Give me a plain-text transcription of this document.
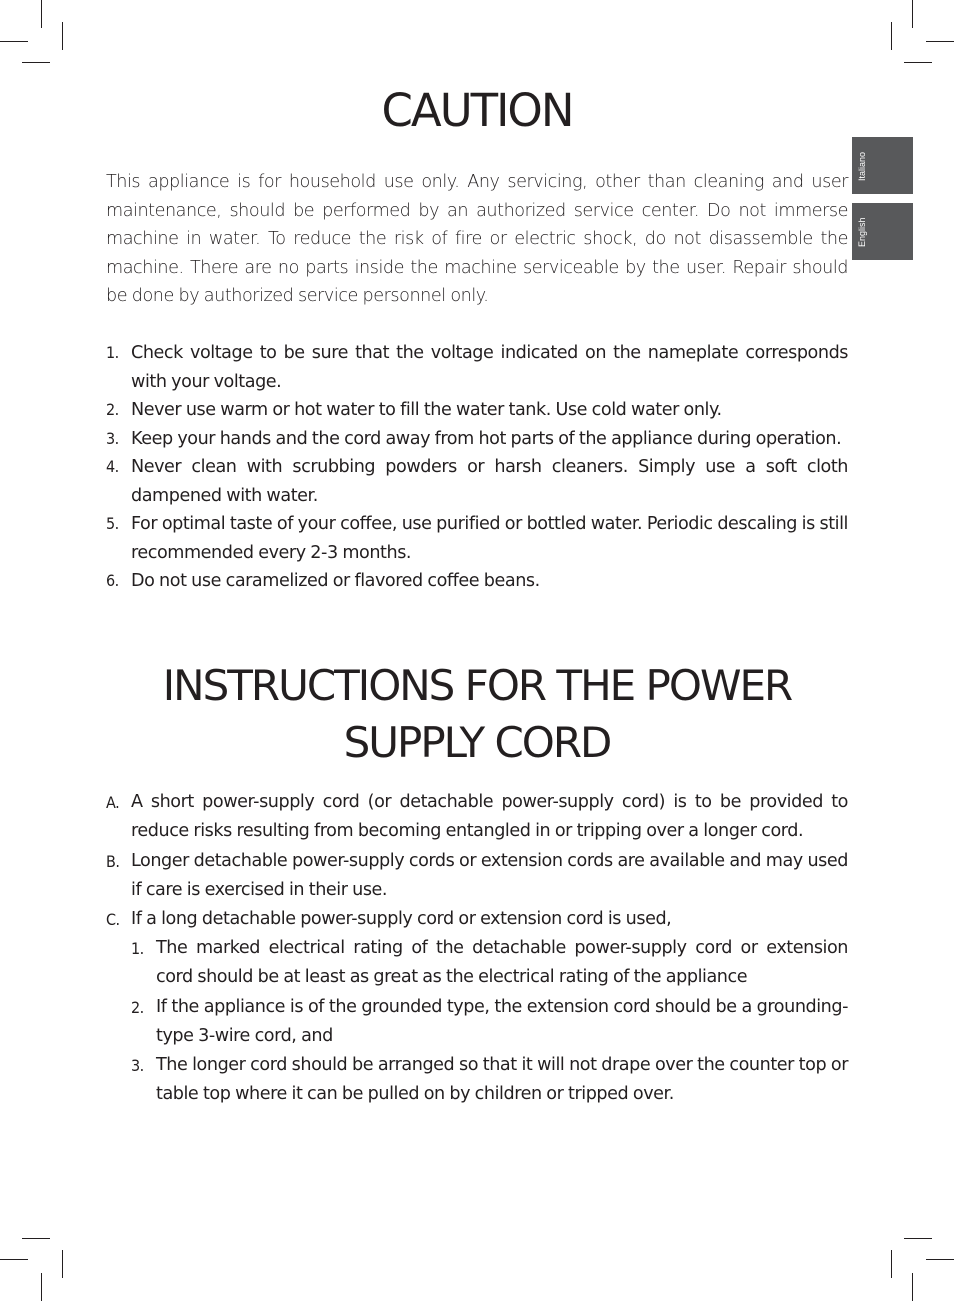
Italiano
English
CAUTION

This appliance is for household use only. Any servicing, other than cleaning and user maintenance, should be performed by an authorized service center. Do not immerse machine in water. To reduce the risk of fire or electric shock, do not disassemble the machine. There are no parts inside the machine serviceable by the user. Repair should be done by authorized service personnel only.

1. Check voltage to be sure that the voltage indicated on the nameplate corresponds with your voltage.
2. Never use warm or hot water to fill the water tank. Use cold water only.
3. Keep your hands and the cord away from hot parts of the appliance during operation.
4. Never clean with scrubbing powders or harsh cleaners. Simply use a soft cloth dampened with water.
5. For optimal taste of your coffee, use purified or bottled water. Periodic descaling is still recommended every 2-3 months.
6. Do not use caramelized or flavored coffee beans.
INSTRUCTIONS FOR THE POWER
SUPPLY CORD
A. A short power-supply cord (or detachable power-supply cord) is to be provided to reduce risks resulting from becoming entangled in or tripping over a longer cord.
B. Longer detachable power-supply cords or extension cords are available and may used if care is exercised in their use.
C. If a long detachable power-supply cord or extension cord is used,
1. The marked electrical rating of the detachable power-supply cord or extension cord should be at least as great as the electrical rating of the appliance
2. If the appliance is of the grounded type, the extension cord should be a grounding-type 3-wire cord, and
3. The longer cord should be arranged so that it will not drape over the counter top or table top where it can be pulled on by children or tripped over.
